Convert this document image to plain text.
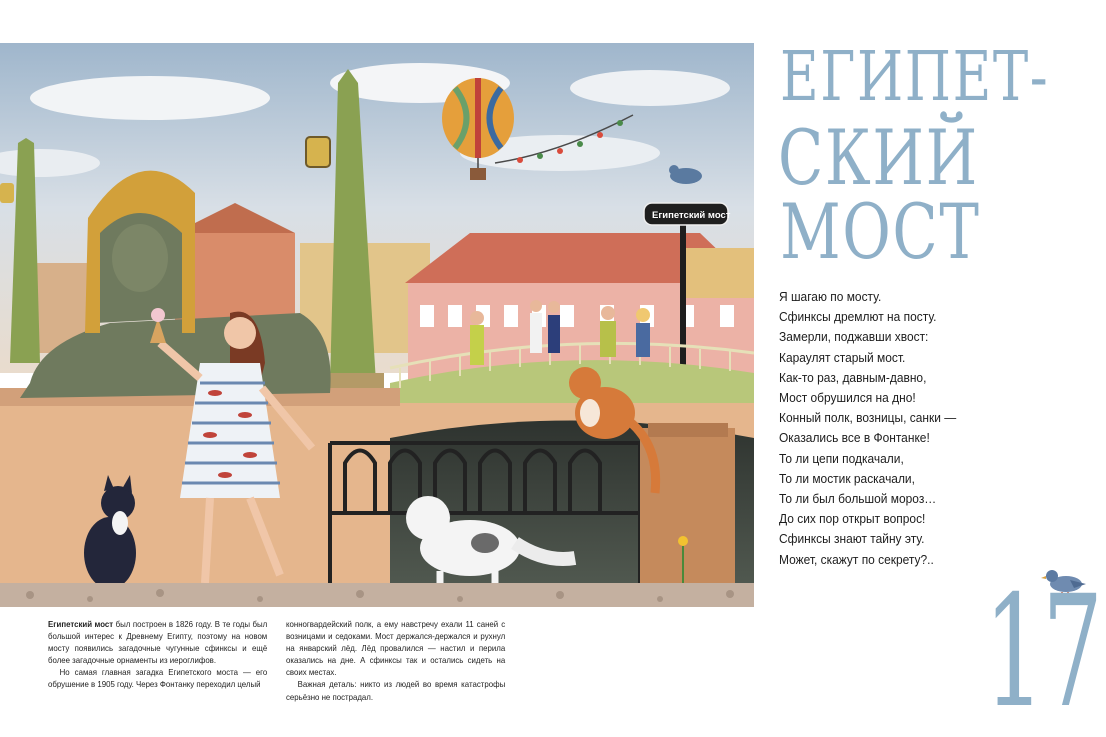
Египетский мост
ЕГИПЕТ-
СКИЙ
МОСТ
Я шагаю по мосту.
Сфинксы дремлют на посту.
Замерли, поджавши хвост:
Караулят старый мост.
Как-то раз, давным-давно,
Мост обрушился на дно!
Конный полк, возницы, санки —
Оказались все в Фонтанке!
То ли цепи подкачали,
То ли мостик раскачали,
То ли был большой мороз…
До сих пор открыт вопрос!
Сфинксы знают тайну эту.
Может, скажут по секрету?..
17

Египетский мост был построен в 1826 году. В те годы был большой интерес к Древнему Египту, поэтому на новом мосту появились загадочные чугунные сфинксы и ещё более загадочные орнаменты из иероглифов.

Но самая главная загадка Египетского моста — его обрушение в 1905 году. Через Фонтанку переходил целый

конногвардейский полк, а ему навстречу ехали 11 саней с возницами и седоками. Мост держался-держался и рухнул на январский лёд. Лёд провалился — настил и перила оказались на дне. А сфинксы так и остались сидеть на своих местах.

Важная деталь: никто из людей во время катастрофы серьёзно не пострадал.
